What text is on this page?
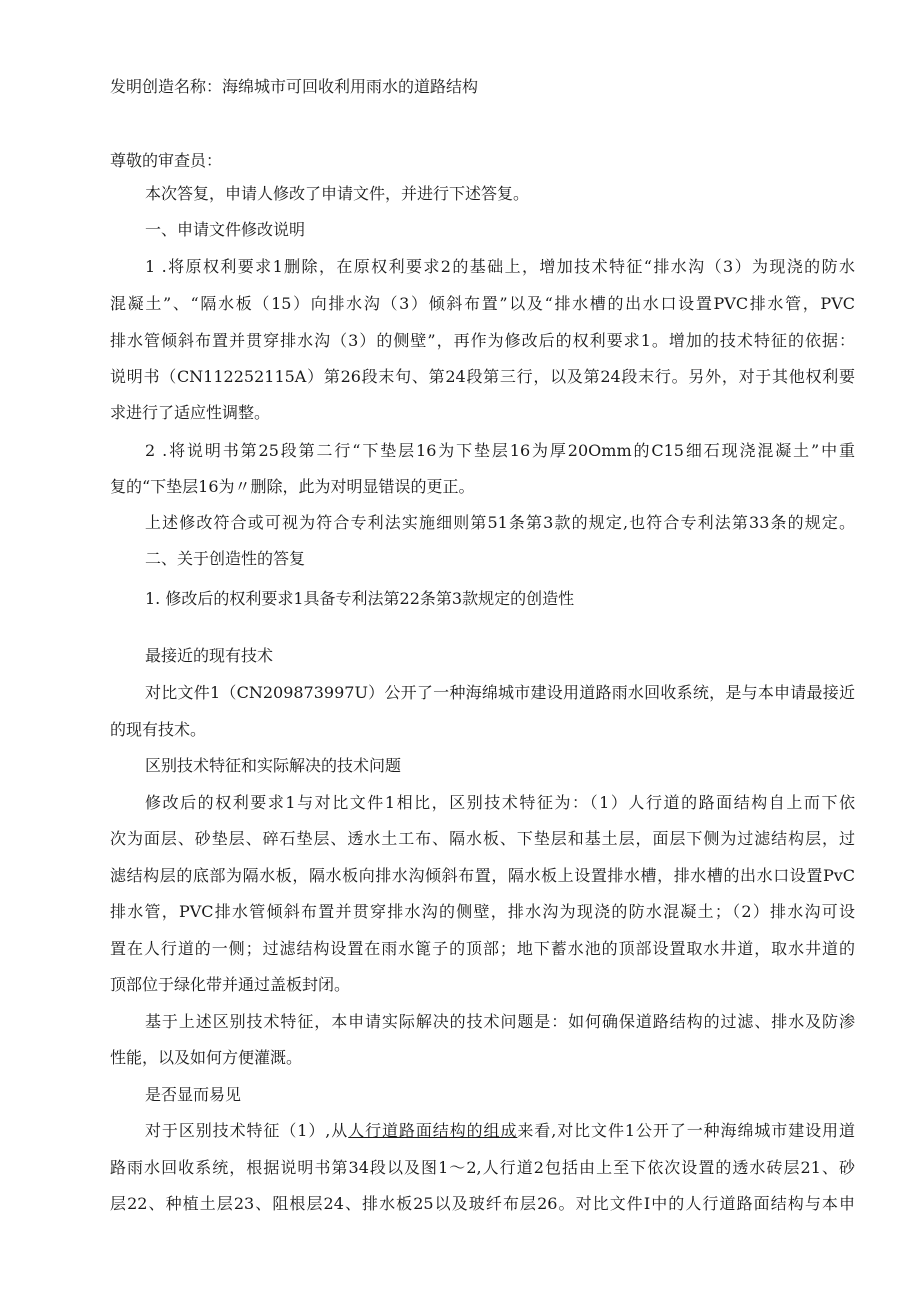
发明创造名称：海绵城市可回收利用雨水的道路结构
尊敬的审查员：
本次答复，申请人修改了申请文件，并进行下述答复。
一、申请文件修改说明
1 .将原权利要求1删除，在原权利要求2的基础上，增加技术特征“排水沟（3）为现浇的防水
混凝土”、“隔水板（15）向排水沟（3）倾斜布置”以及“排水槽的出水口设置PVC排水管，PVC
排水管倾斜布置并贯穿排水沟（3）的侧壁”，再作为修改后的权利要求1。增加的技术特征的依据：
说明书（CN112252115A）第26段末句、第24段第三行，以及第24段末行。另外，对于其他权利要
求进行了适应性调整。
2 .将说明书第25段第二行“下垫层16为下垫层16为厚20Omm的C15细石现浇混凝土”中重
复的“下垫层16为〃删除，此为对明显错误的更正。
上述修改符合或可视为符合专利法实施细则第51条第3款的规定,也符合专利法第33条的规定。
二、关于创造性的答复
1. 修改后的权利要求1具备专利法第22条第3款规定的创造性
最接近的现有技术
对比文件1（CN209873997U）公开了一种海绵城市建设用道路雨水回收系统，是与本申请最接近
的现有技术。
区别技术特征和实际解决的技术问题
修改后的权利要求1与对比文件1相比，区别技术特征为：（1）人行道的路面结构自上而下依
次为面层、砂垫层、碎石垫层、透水土工布、隔水板、下垫层和基土层，面层下侧为过滤结构层，过
滤结构层的底部为隔水板，隔水板向排水沟倾斜布置，隔水板上设置排水槽，排水槽的出水口设置PvC
排水管，PVC排水管倾斜布置并贯穿排水沟的侧壁，排水沟为现浇的防水混凝土；（2）排水沟可设
置在人行道的一侧；过滤结构设置在雨水篦子的顶部；地下蓄水池的顶部设置取水井道，取水井道的
顶部位于绿化带并通过盖板封闭。
基于上述区别技术特征，本申请实际解决的技术问题是：如何确保道路结构的过滤、排水及防渗
性能，以及如何方便灌溉。
是否显而易见
对于区别技术特征（1）,从人行道路面结构的组成来看,对比文件1公开了一种海绵城市建设用道
路雨水回收系统，根据说明书第34段以及图1～2,人行道2包括由上至下依次设置的透水砖层21、砂
层22、种植土层23、阻根层24、排水板25以及玻纤布层26。对比文件I中的人行道路面结构与本申
